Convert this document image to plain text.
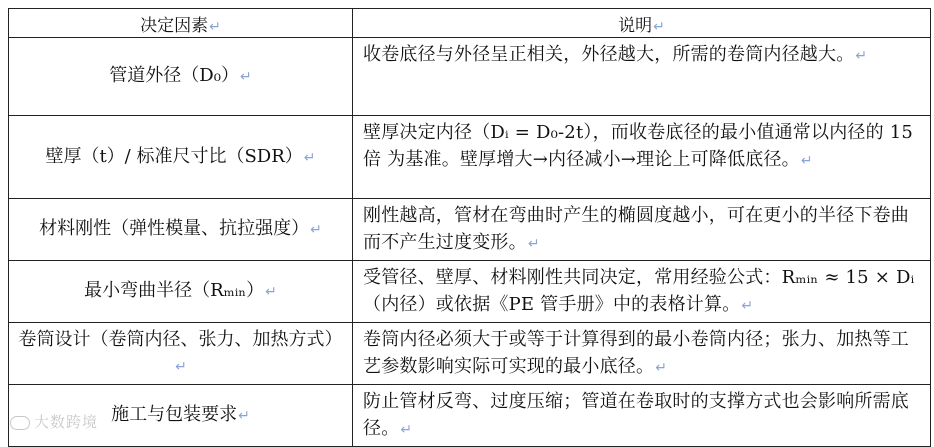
决定因素↵	说明↵
管道外径（D₀）↵	收卷底径与外径呈正相关，外径越大，所需的卷筒内径越大。↵
壁厚（t）/ 标准尺寸比（SDR）↵	壁厚决定内径（Dᵢ = D₀-2t），而收卷底径的最小值通常以内径的 15 倍 为基准。壁厚增大→内径减小→理论上可降低底径。↵
材料刚性（弹性模量、抗拉强度）↵	刚性越高，管材在弯曲时产生的椭圆度越小，可在更小的半径下卷曲而不产生过度变形。↵
最小弯曲半径（Rₘᵢₙ）↵	受管径、壁厚、材料刚性共同决定，常用经验公式：Rₘᵢₙ ≈ 15 × Dᵢ（内径）或依据《PE 管手册》中的表格计算。↵
卷筒设计（卷筒内径、张力、加热方式）↵	卷筒内径必须大于或等于计算得到的最小卷筒内径；张力、加热等工艺参数影响实际可实现的最小底径。↵
施工与包装要求↵	防止管材反弯、过度压缩；管道在卷取时的支撑方式也会影响所需底径。↵
大数跨境
